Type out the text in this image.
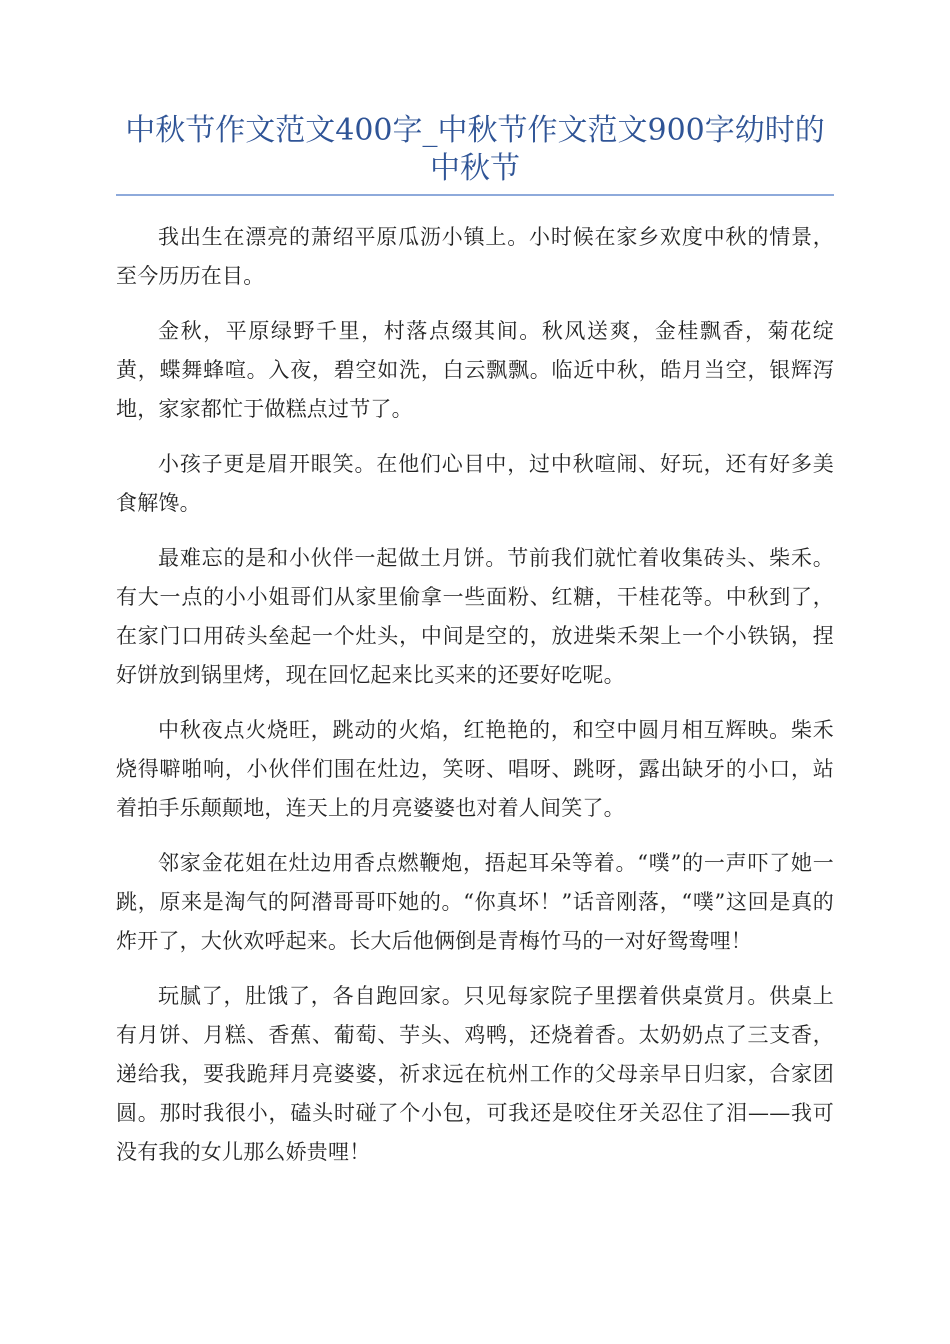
中秋节作文范文400字_中秋节作文范文900字幼时的中秋节

我出生在漂亮的萧绍平原瓜沥小镇上。小时候在家乡欢度中秋的情景，至今历历在目。

金秋，平原绿野千里，村落点缀其间。秋风送爽，金桂飘香，菊花绽黄，蝶舞蜂喧。入夜，碧空如洗，白云飘飘。临近中秋，皓月当空，银辉泻地，家家都忙于做糕点过节了。

小孩子更是眉开眼笑。在他们心目中，过中秋喧闹、好玩，还有好多美食解馋。

最难忘的是和小伙伴一起做土月饼。节前我们就忙着收集砖头、柴禾。有大一点的小小姐哥们从家里偷拿一些面粉、红糖，干桂花等。中秋到了，在家门口用砖头垒起一个灶头，中间是空的，放进柴禾架上一个小铁锅，捏好饼放到锅里烤，现在回忆起来比买来的还要好吃呢。

中秋夜点火烧旺，跳动的火焰，红艳艳的，和空中圆月相互辉映。柴禾烧得噼啪响，小伙伴们围在灶边，笑呀、唱呀、跳呀，露出缺牙的小口，站着拍手乐颠颠地，连天上的月亮婆婆也对着人间笑了。

邻家金花姐在灶边用香点燃鞭炮，捂起耳朵等着。“噗”的一声吓了她一跳，原来是淘气的阿潜哥哥吓她的。“你真坏！”话音刚落，“噗”这回是真的炸开了，大伙欢呼起来。长大后他俩倒是青梅竹马的一对好鸳鸯哩！

玩腻了，肚饿了，各自跑回家。只见每家院子里摆着供桌赏月。供桌上有月饼、月糕、香蕉、葡萄、芋头、鸡鸭，还烧着香。太奶奶点了三支香，递给我，要我跪拜月亮婆婆，祈求远在杭州工作的父母亲早日归家，合家团圆。那时我很小，磕头时碰了个小包，可我还是咬住牙关忍住了泪——我可没有我的女儿那么娇贵哩！
